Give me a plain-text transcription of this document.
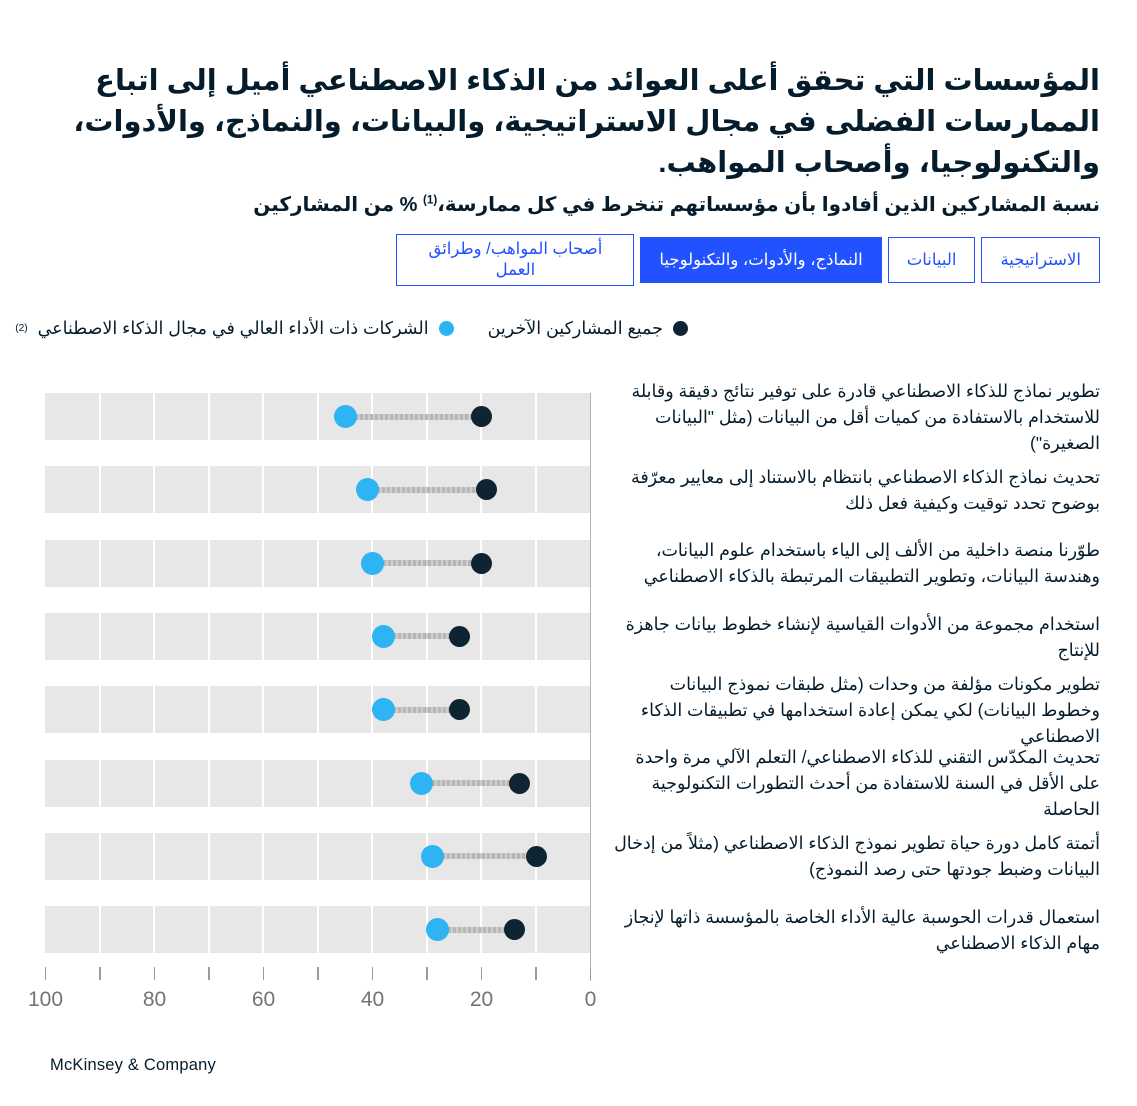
المؤسسات التي تحقق أعلى العوائد من الذكاء الاصطناعي أميل إلى اتباع الممارسات الفضلى في مجال الاستراتيجية، والبيانات، والنماذج، والأدوات، والتكنولوجيا، وأصحاب المواهب.

نسبة المشاركين الذين أفادوا بأن مؤسساتهم تنخرط في كل ممارسة،$^{(1)}$ % من المشاركين

الاستراتيجية
البيانات
النماذج، والأدوات، والتكنولوجيا
أصحاب المواهب/ وطرائق العمل
جميع المشاركين الآخرين
الشركات ذات الأداء العالي في مجال الذكاء الاصطناعي
(2)
تطوير نماذج للذكاء الاصطناعي قادرة على توفير نتائج دقيقة وقابلة للاستخدام بالاستفادة من كميات أقل من البيانات (مثل "البيانات الصغيرة")
تحديث نماذج الذكاء الاصطناعي بانتظام بالاستناد إلى معايير معرّفة بوضوح تحدد توقيت وكيفية فعل ذلك
طوّرنا منصة داخلية من الألف إلى الياء باستخدام علوم البيانات، وهندسة البيانات، وتطوير التطبيقات المرتبطة بالذكاء الاصطناعي
استخدام مجموعة من الأدوات القياسية لإنشاء خطوط بيانات جاهزة للإنتاج
تطوير مكونات مؤلفة من وحدات (مثل طبقات نموذج البيانات وخطوط البيانات) لكي يمكن إعادة استخدامها في تطبيقات الذكاء الاصطناعي
تحديث المكدّس التقني للذكاء الاصطناعي/ التعلم الآلي مرة واحدة على الأقل في السنة للاستفادة من أحدث التطورات التكنولوجية الحاصلة
أتمتة كامل دورة حياة تطوير نموذج الذكاء الاصطناعي (مثلاً من إدخال البيانات وضبط جودتها حتى رصد النموذج)
استعمال قدرات الحوسبة عالية الأداء الخاصة بالمؤسسة ذاتها لإنجاز مهام الذكاء الاصطناعي
100	80	60	40	20	0
McKinsey & Company
